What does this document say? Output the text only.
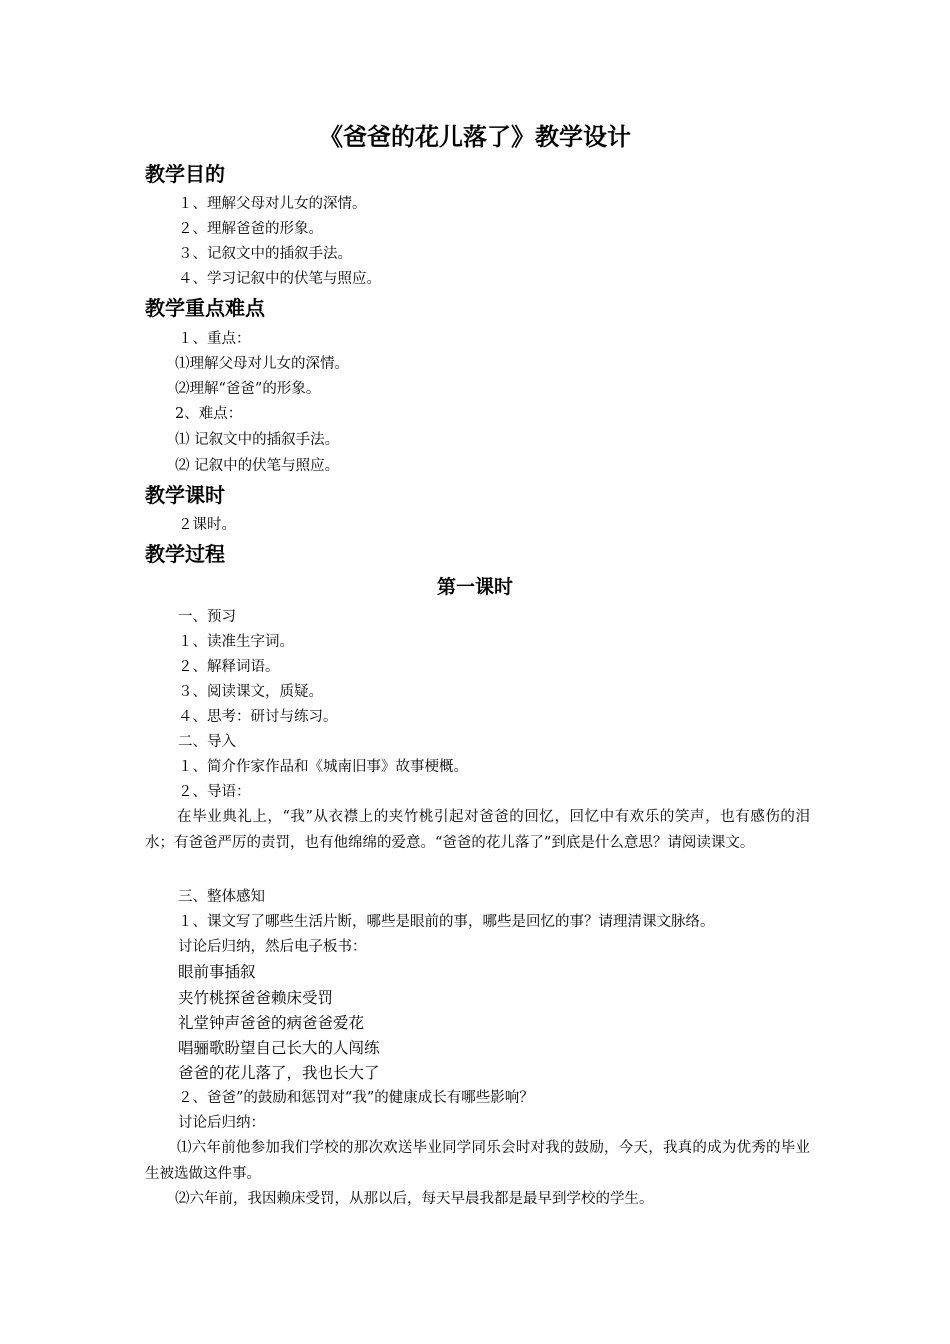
《爸爸的花儿落了》教学设计
教学目的

１、理解父母对儿女的深情。

２、理解爸爸的形象。

３、记叙文中的插叙手法。

４、学习记叙中的伏笔与照应。

教学重点难点

１、重点：

⑴理解父母对儿女的深情。

⑵理解“爸爸”的形象。

2、难点：

⑴ 记叙文中的插叙手法。

⑵ 记叙中的伏笔与照应。

教学课时

２课时。

教学过程
第一课时

一、预习

１、读准生字词。

２、解释词语。

３、阅读课文，质疑。

４、思考：研讨与练习。

二、导入

１、简介作家作品和《城南旧事》故事梗概。

２、导语：

在毕业典礼上，“我”从衣襟上的夹竹桃引起对爸爸的回忆，回忆中有欢乐的笑声，也有感伤的泪水；有爸爸严厉的责罚，也有他绵绵的爱意。“爸爸的花儿落了”到底是什么意思？请阅读课文。

三、整体感知

１、课文写了哪些生活片断，哪些是眼前的事，哪些是回忆的事？请理清课文脉络。

讨论后归纳，然后电子板书：

眼前事插叙

夹竹桃探爸爸赖床受罚

礼堂钟声爸爸的病爸爸爱花

唱骊歌盼望自己长大的人闯练

爸爸的花儿落了，我也长大了

２、爸爸”的鼓励和惩罚对“我”的健康成长有哪些影响？

讨论后归纳：

⑴六年前他参加我们学校的那次欢送毕业同学同乐会时对我的鼓励，今天，我真的成为优秀的毕业生被选做这件事。

⑵六年前，我因赖床受罚，从那以后，每天早晨我都是最早到学校的学生。
